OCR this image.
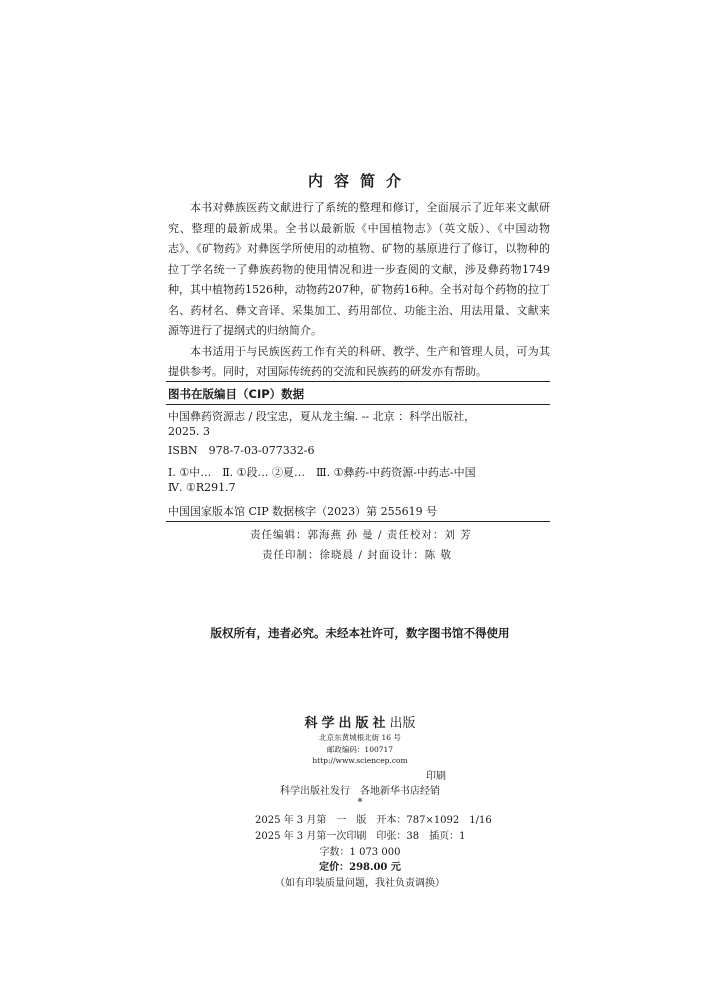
内容简介

本书对彝族医药文献进行了系统的整理和修订，全面展示了近年来文献研究、整理的最新成果。全书以最新版《中国植物志》（英文版）、《中国动物志》、《矿物药》对彝医学所使用的动植物、矿物的基原进行了修订，以物种的拉丁学名统一了彝族药物的使用情况和进一步查阅的文献，涉及彝药物1749种，其中植物药1526种，动物药207种，矿物药16种。全书对每个药物的拉丁名、药材名、彝文音译、采集加工、药用部位、功能主治、用法用量、文献来源等进行了提纲式的归纳简介。

本书适用于与民族医药工作有关的科研、教学、生产和管理人员，可为其提供参考。同时，对国际传统药的交流和民族药的研发亦有帮助。

图书在版编目（CIP）数据
中国彝药资源志 / 段宝忠，夏从龙主编. -- 北京 ：科学出版社，
2025. 3
ISBN　978-7-03-077332-6
Ⅰ. ①中…　Ⅱ. ①段… ②夏…　Ⅲ. ①彝药-中药资源-中药志-中国
Ⅳ. ①R291.7
中国国家版本馆 CIP 数据核字（2023）第 255619 号
责任编辑：郭海燕 孙 曼 / 责任校对：刘 芳
责任印制：徐晓晨 / 封面设计：陈 敬
版权所有，违者必究。未经本社许可，数字图书馆不得使用
科学出版社出版
北京东黄城根北街 16 号
邮政编码：100717
http://www.sciencep.com
印刷
科学出版社发行　各地新华书店经销
*
2025 年 3 月第　一　版　开本：787×1092　1/16
2025 年 3 月第一次印刷　印张：38　插页：1
字数：1 073 000
定价：298.00 元
（如有印装质量问题，我社负责调换）
